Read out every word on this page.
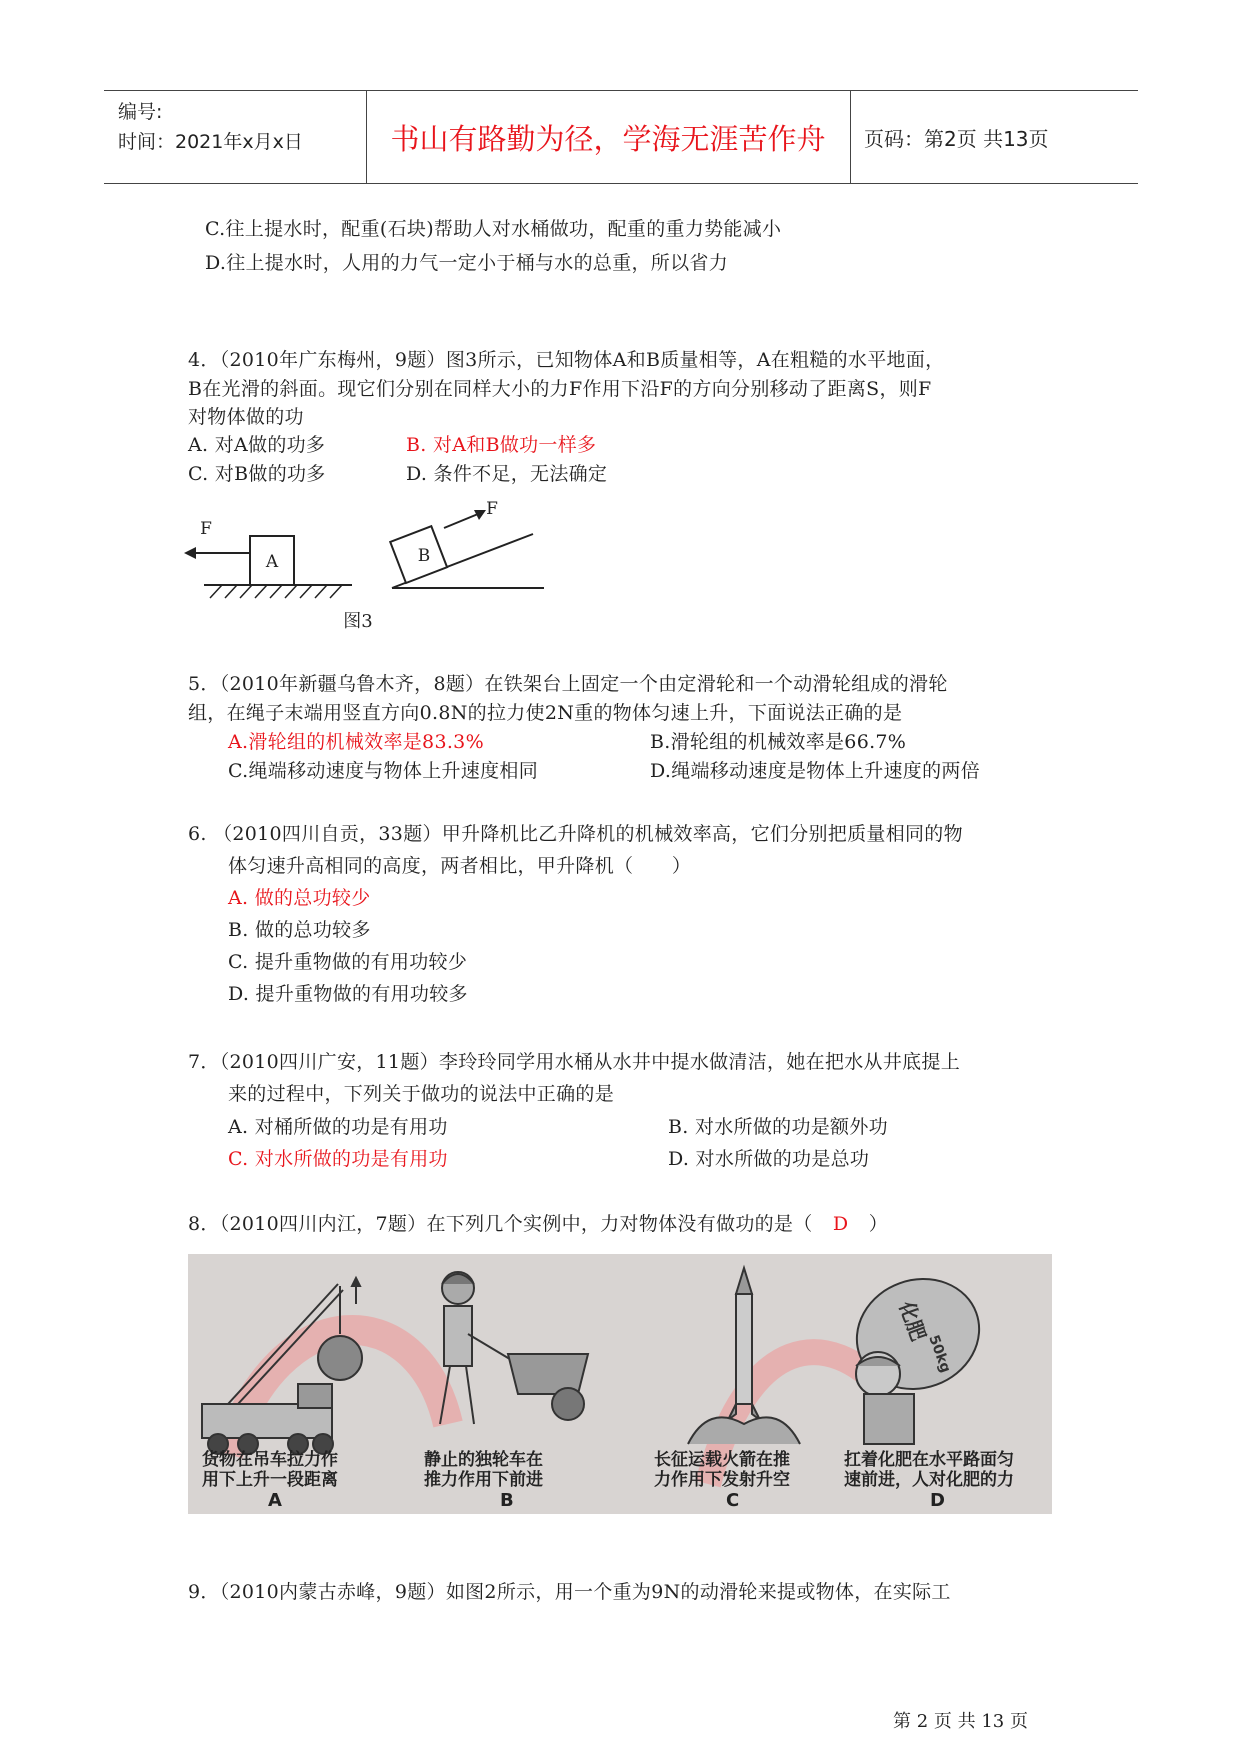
编号:
时间：2021年x月x日	书山有路勤为径，学海无涯苦作舟 页码：第2页 共13页
C.往上提水时，配重(石块)帮助人对水桶做功，配重的重力势能减小
D.往上提水时，人用的力气一定小于桶与水的总重，所以省力
4．（2010年广东梅州，9题）图3所示，已知物体A和B质量相等，A在粗糙的水平地面，
B在光滑的斜面。现它们分别在同样大小的力F作用下沿F的方向分别移动了距离S，则F
对物体做的功
A. 对A做的功多	B. 对A和B做功一样多
C. 对B做的功多	D. 条件不足，无法确定
A
F
B
F
图3
5．（2010年新疆乌鲁木齐，8题）在铁架台上固定一个由定滑轮和一个动滑轮组成的滑轮
组，在绳子末端用竖直方向0.8N的拉力使2N重的物体匀速上升，下面说法正确的是
A.滑轮组的机械效率是83.3%	B.滑轮组的机械效率是66.7%
C.绳端移动速度与物体上升速度相同	D.绳端移动速度是物体上升速度的两倍
6. （2010四川自贡，33题）甲升降机比乙升降机的机械效率高，它们分别把质量相同的物
体匀速升高相同的高度，两者相比，甲升降机（　　）
A. 做的总功较少
B. 做的总功较多
C. 提升重物做的有用功较少
D. 提升重物做的有用功较多
7．（2010四川广安，11题）李玲玲同学用水桶从水井中提水做清洁，她在把水从井底提上
来的过程中，下列关于做功的说法中正确的是
A. 对桶所做的功是有用功	B. 对水所做的功是额外功
C. 对水所做的功是有用功	D. 对水所做的功是总功
8．（2010四川内江，7题）在下列几个实例中，力对物体没有做功的是（ D ）
化肥
50kg
货物在吊车拉力作
用下上升一段距离
A
静止的独轮车在
推力作用下前进
B
长征运载火箭在推
力作用下发射升空
C
扛着化肥在水平路面匀
速前进，人对化肥的力
D
9．（2010内蒙古赤峰，9题）如图2所示，用一个重为9N的动滑轮来提或物体，在实际工
第 2 页 共 13 页
